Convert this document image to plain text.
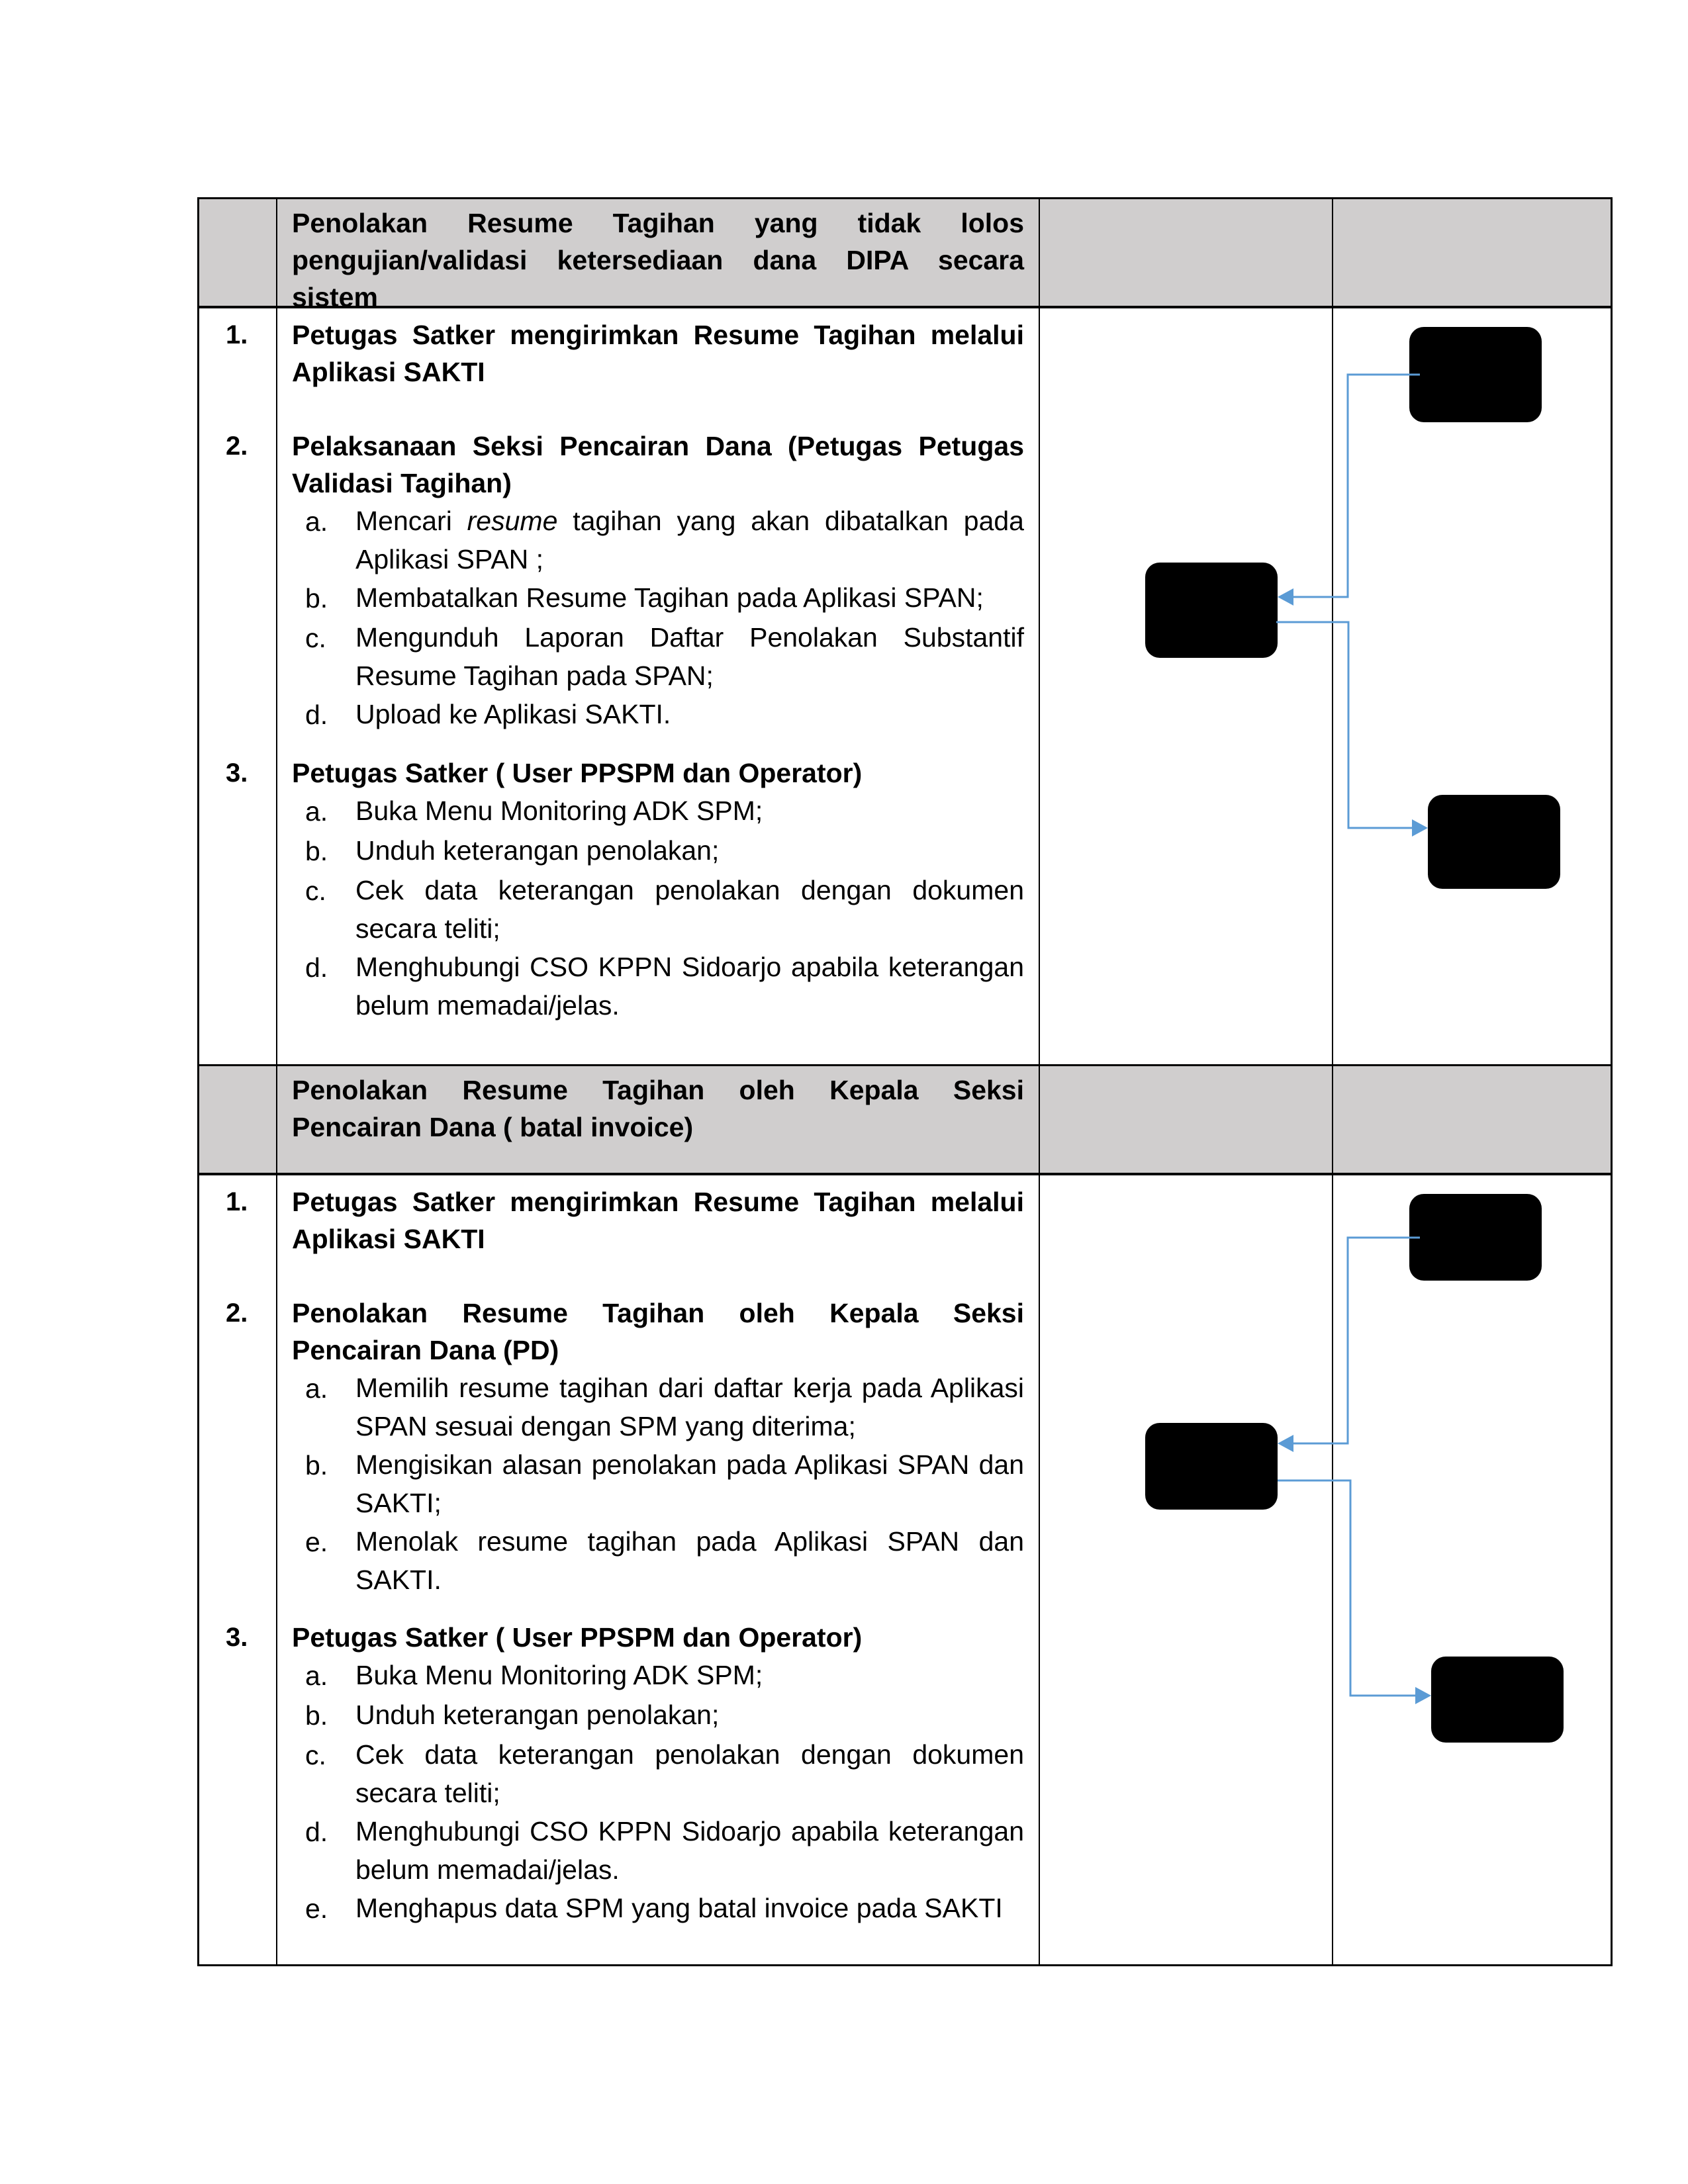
Penolakan Resume Tagihan yang tidak lolos pengujian/validasi ketersediaan dana DIPA secara sistem
1.	Petugas Satker mengirimkan Resume Tagihan melalui Aplikasi SAKTI
2.	Pelaksanaan Seksi Pencairan Dana (Petugas Petugas Validasi Tagihan)
a.	Mencari resume tagihan yang akan dibatalkan pada Aplikasi SPAN ;
b.	Membatalkan Resume Tagihan pada Aplikasi SPAN;
c.	Mengunduh Laporan Daftar Penolakan Substantif Resume Tagihan pada SPAN;
d.	Upload ke Aplikasi SAKTI.
3.	Petugas Satker ( User PPSPM dan Operator)
a.	Buka Menu Monitoring ADK SPM;
b.	Unduh keterangan penolakan;
c.	Cek data keterangan penolakan dengan dokumen secara teliti;
d.	Menghubungi CSO KPPN Sidoarjo apabila keterangan belum memadai/jelas.
Penolakan Resume Tagihan oleh Kepala Seksi Pencairan Dana ( batal invoice)
1.	Petugas Satker mengirimkan Resume Tagihan melalui Aplikasi SAKTI
2.	Penolakan Resume Tagihan oleh Kepala Seksi Pencairan Dana (PD)
a.	Memilih resume tagihan dari daftar kerja pada Aplikasi SPAN sesuai dengan SPM yang diterima;
b.	Mengisikan alasan penolakan pada Aplikasi SPAN dan SAKTI;
e.	Menolak resume tagihan pada Aplikasi SPAN dan SAKTI.
3.	Petugas Satker ( User PPSPM dan Operator)
a.	Buka Menu Monitoring ADK SPM;
b.	Unduh keterangan penolakan;
c.	Cek data keterangan penolakan dengan dokumen secara teliti;
d.	Menghubungi CSO KPPN Sidoarjo apabila keterangan belum memadai/jelas.
e.	Menghapus data SPM yang batal invoice pada SAKTI
